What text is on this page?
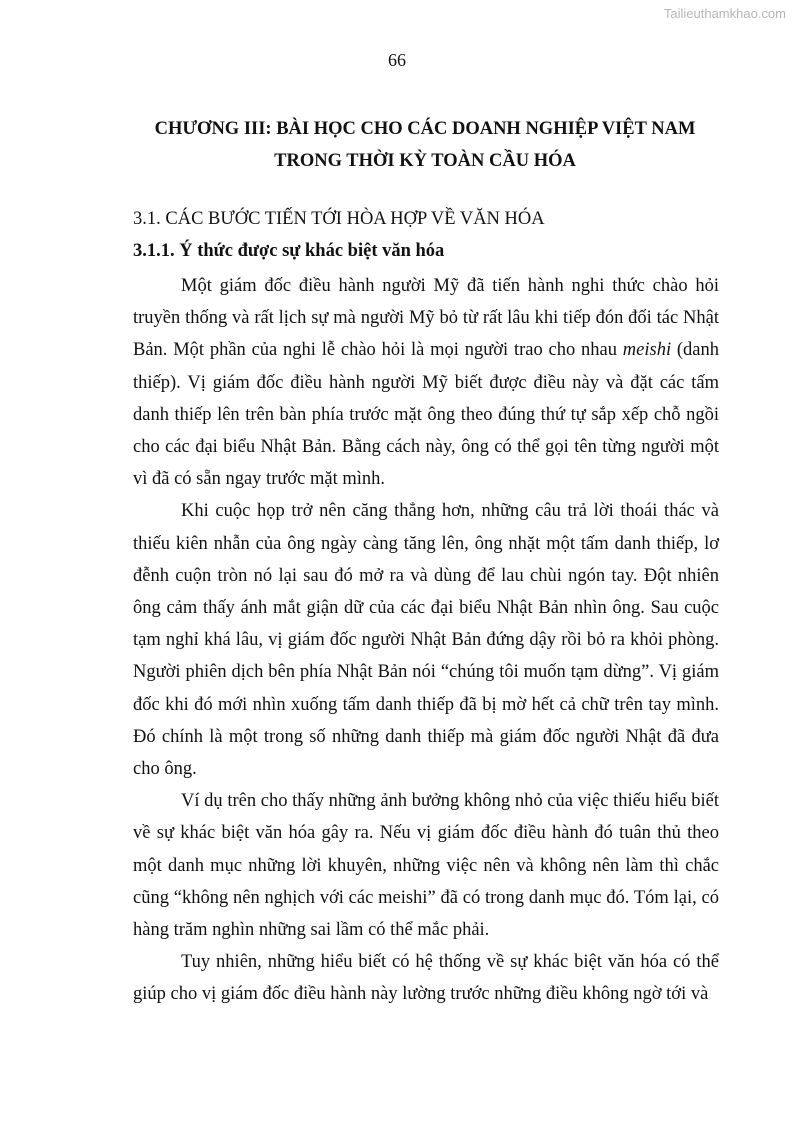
Tailieuthamkhao.com
66
CHƯƠNG III: BÀI HỌC CHO CÁC DOANH NGHIỆP VIỆT NAM
TRONG THỜI KỲ TOÀN CẦU HÓA
3.1. CÁC BƯỚC TIẾN TỚI HÒA HỢP VỀ VĂN HÓA
3.1.1. Ý thức được sự khác biệt văn hóa

Một giám đốc điều hành người Mỹ đã tiến hành nghi thức chào hỏi truyền thống và rất lịch sự mà người Mỹ bỏ từ rất lâu khi tiếp đón đối tác Nhật Bản. Một phần của nghi lễ chào hỏi là mọi người trao cho nhau meishi (danh thiếp). Vị giám đốc điều hành người Mỹ biết được điều này và đặt các tấm danh thiếp lên trên bàn phía trước mặt ông theo đúng thứ tự sắp xếp chỗ ngồi cho các đại biểu Nhật Bản. Bằng cách này, ông có thể gọi tên từng người một vì đã có sẵn ngay trước mặt mình.

Khi cuộc họp trở nên căng thẳng hơn, những câu trả lời thoái thác và thiếu kiên nhẫn của ông ngày càng tăng lên, ông nhặt một tấm danh thiếp, lơ đễnh cuộn tròn nó lại sau đó mở ra và dùng để lau chùi ngón tay. Đột nhiên ông cảm thấy ánh mắt giận dữ của các đại biểu Nhật Bản nhìn ông. Sau cuộc tạm nghỉ khá lâu, vị giám đốc người Nhật Bản đứng dậy rồi bỏ ra khỏi phòng. Người phiên dịch bên phía Nhật Bản nói “chúng tôi muốn tạm dừng”. Vị giám đốc khi đó mới nhìn xuống tấm danh thiếp đã bị mờ hết cả chữ trên tay mình. Đó chính là một trong số những danh thiếp mà giám đốc người Nhật đã đưa cho ông.

Ví dụ trên cho thấy những ảnh bưởng không nhỏ của việc thiếu hiểu biết về sự khác biệt văn hóa gây ra. Nếu vị giám đốc điều hành đó tuân thủ theo một danh mục những lời khuyên, những việc nên và không nên làm thì chắc cũng “không nên nghịch với các meishi” đã có trong danh mục đó. Tóm lại, có hàng trăm nghìn những sai lầm có thể mắc phải.

Tuy nhiên, những hiểu biết có hệ thống về sự khác biệt văn hóa có thể giúp cho vị giám đốc điều hành này lường trước những điều không ngờ tới và
